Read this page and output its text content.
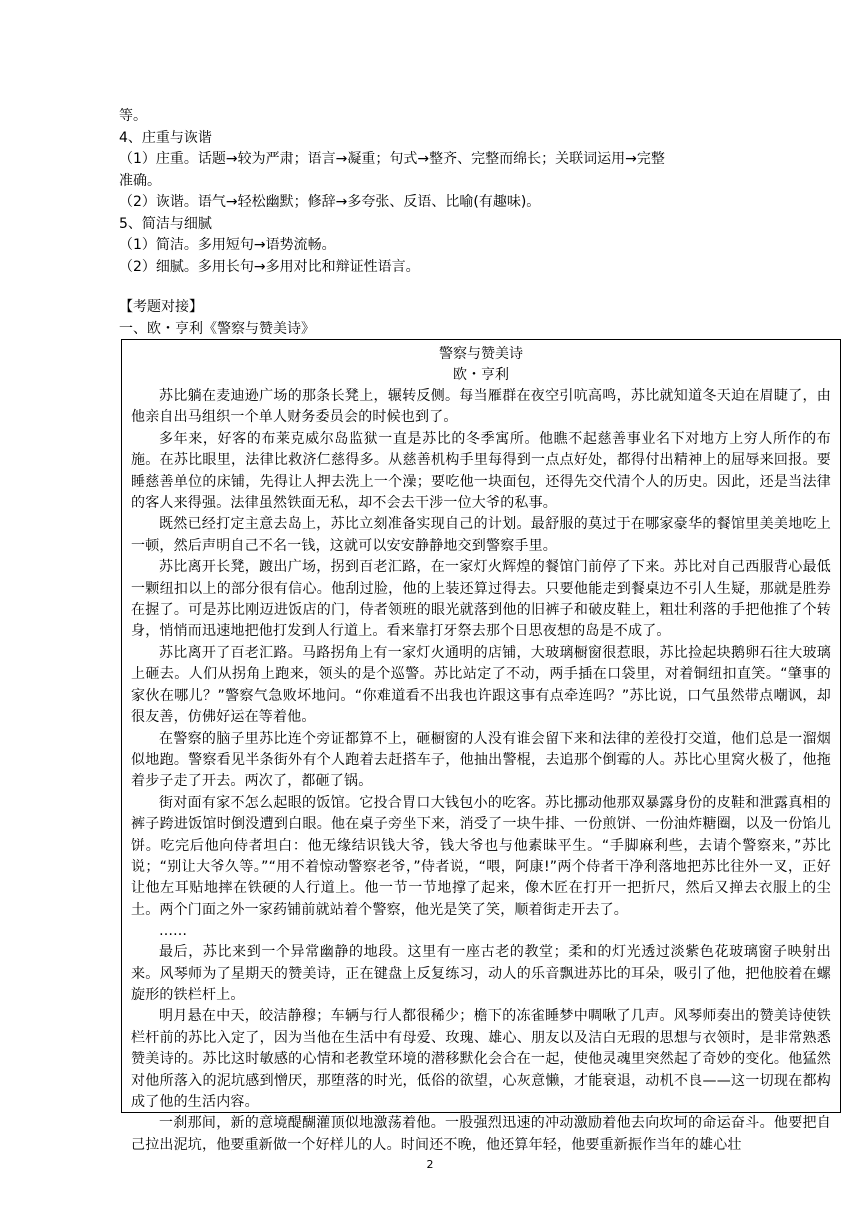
等。
4、庄重与诙谐
（1）庄重。话题→较为严肃；语言→凝重；句式→整齐、完整而绵长；关联词运用→完整
准确。
（2）诙谐。语气→轻松幽默；修辞→多夸张、反语、比喻(有趣味)。
5、简洁与细腻
（1）简洁。多用短句→语势流畅。
（2）细腻。多用长句→多用对比和辩证性语言。
【考题对接】
一、欧・亨利《警察与赞美诗》
警察与赞美诗
欧・亨利

苏比躺在麦迪逊广场的那条长凳上，辗转反侧。每当雁群在夜空引吭高鸣，苏比就知道冬天迫在眉睫了，由他亲自出马组织一个单人财务委员会的时候也到了。

多年来，好客的布莱克威尔岛监狱一直是苏比的冬季寓所。他瞧不起慈善事业名下对地方上穷人所作的布施。在苏比眼里，法律比救济仁慈得多。从慈善机构手里每得到一点点好处，都得付出精神上的屈辱来回报。要睡慈善单位的床铺，先得让人押去洗上一个澡；要吃他一块面包，还得先交代清个人的历史。因此，还是当法律的客人来得强。法律虽然铁面无私，却不会去干涉一位大爷的私事。

既然已经打定主意去岛上，苏比立刻准备实现自己的计划。最舒服的莫过于在哪家豪华的餐馆里美美地吃上一顿，然后声明自己不名一钱，这就可以安安静静地交到警察手里。

苏比离开长凳，踱出广场，拐到百老汇路，在一家灯火辉煌的餐馆门前停了下来。苏比对自己西服背心最低一颗纽扣以上的部分很有信心。他刮过脸，他的上装还算过得去。只要他能走到餐桌边不引人生疑，那就是胜券在握了。可是苏比刚迈进饭店的门，侍者领班的眼光就落到他的旧裤子和破皮鞋上，粗壮利落的手把他推了个转身，悄悄而迅速地把他打发到人行道上。看来靠打牙祭去那个日思夜想的岛是不成了。

苏比离开了百老汇路。马路拐角上有一家灯火通明的店铺，大玻璃橱窗很惹眼，苏比捡起块鹅卵石往大玻璃上砸去。人们从拐角上跑来，领头的是个巡警。苏比站定了不动，两手插在口袋里，对着铜纽扣直笑。“肇事的家伙在哪儿？”警察气急败坏地问。“你难道看不出我也许跟这事有点牵连吗？”苏比说，口气虽然带点嘲讽，却很友善，仿佛好运在等着他。

在警察的脑子里苏比连个旁证都算不上，砸橱窗的人没有谁会留下来和法律的差役打交道，他们总是一溜烟似地跑。警察看见半条街外有个人跑着去赶搭车子，他抽出警棍，去追那个倒霉的人。苏比心里窝火极了，他拖着步子走了开去。两次了，都砸了锅。

街对面有家不怎么起眼的饭馆。它投合胃口大钱包小的吃客。苏比挪动他那双暴露身份的皮鞋和泄露真相的裤子跨进饭馆时倒没遭到白眼。他在桌子旁坐下来，消受了一块牛排、一份煎饼、一份油炸糖圈，以及一份馅儿饼。吃完后他向侍者坦白：他无缘结识钱大爷，钱大爷也与他素昧平生。“手脚麻利些，去请个警察来，”苏比说；“别让大爷久等。”“用不着惊动警察老爷，”侍者说，“喂，阿康!”两个侍者干净利落地把苏比往外一叉，正好让他左耳贴地摔在铁硬的人行道上。他一节一节地撑了起来，像木匠在打开一把折尺，然后又掸去衣服上的尘土。两个门面之外一家药铺前就站着个警察，他光是笑了笑，顺着街走开去了。

……

最后，苏比来到一个异常幽静的地段。这里有一座古老的教堂；柔和的灯光透过淡紫色花玻璃窗子映射出来。风琴师为了星期天的赞美诗，正在键盘上反复练习，动人的乐音飘进苏比的耳朵，吸引了他，把他胶着在螺旋形的铁栏杆上。

明月悬在中天，皎洁静穆；车辆与行人都很稀少；檐下的冻雀睡梦中啁啾了几声。风琴师奏出的赞美诗使铁栏杆前的苏比入定了，因为当他在生活中有母爱、玫瑰、雄心、朋友以及洁白无瑕的思想与衣领时，是非常熟悉赞美诗的。苏比这时敏感的心情和老教堂环境的潜移默化会合在一起，使他灵魂里突然起了奇妙的变化。他猛然对他所落入的泥坑感到憎厌，那堕落的时光，低俗的欲望，心灰意懒，才能衰退，动机不良——这一切现在都构成了他的生活内容。

一刹那间，新的意境醍醐灌顶似地激荡着他。一股强烈迅速的冲动激励着他去向坎坷的命运奋斗。他要把自己拉出泥坑，他要重新做一个好样儿的人。时间还不晚，他还算年轻，他要重新振作当年的雄心壮

2
